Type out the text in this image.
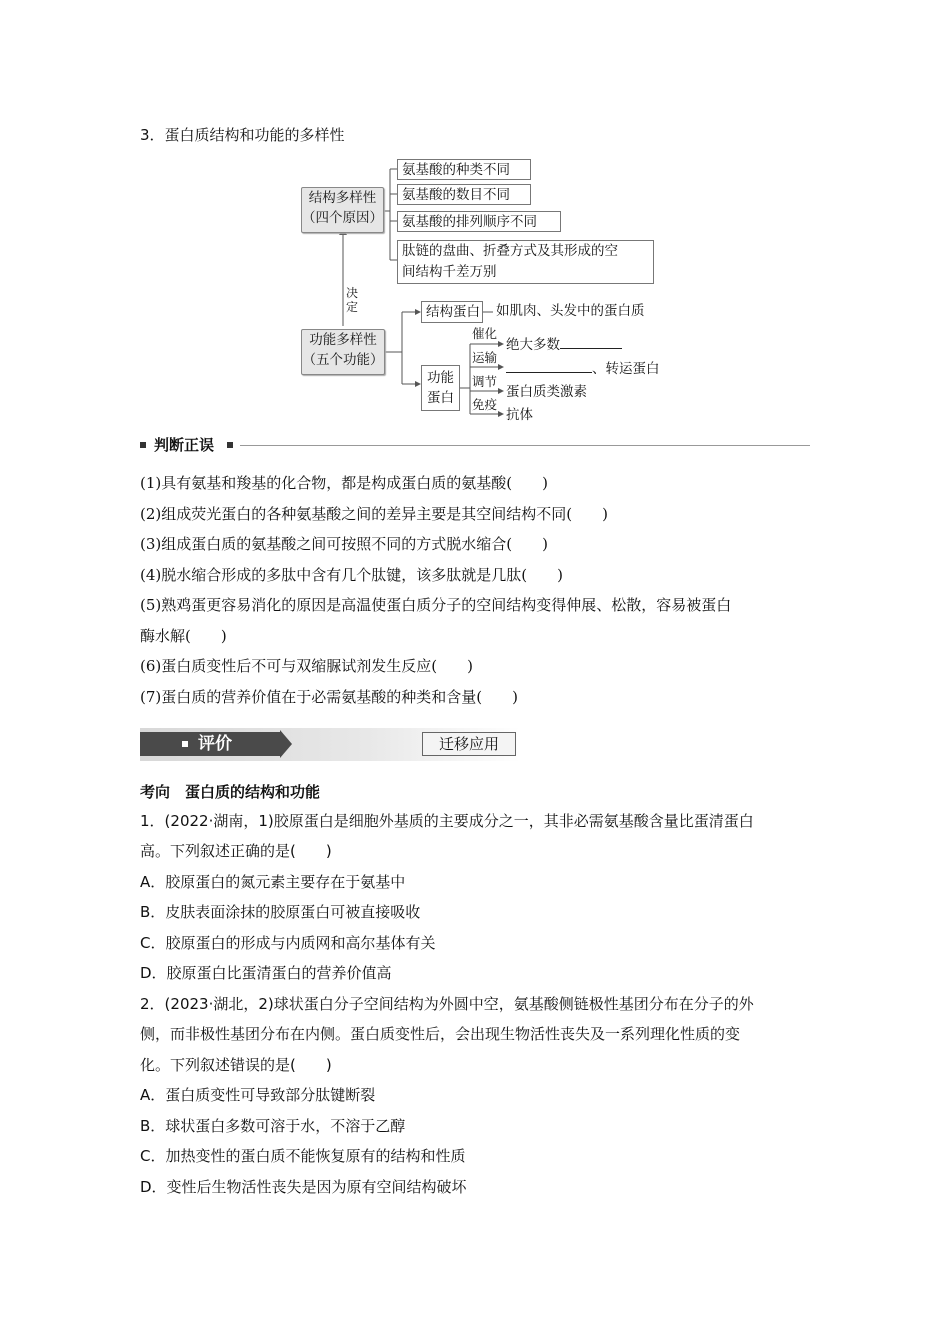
3．蛋白质结构和功能的多样性
结构多样性
（四个原因）
氨基酸的种类不同
氨基酸的数目不同
氨基酸的排列顺序不同
肽链的盘曲、折叠方式及其形成的空
间结构千差万别
决定
功能多样性
（五个功能）
结构蛋白 如肌肉、头发中的蛋白质
功能
蛋白
催化
绝大多数
运输
、转运蛋白
调节
蛋白质类激素
免疫
抗体
判断正误
(1)具有氨基和羧基的化合物，都是构成蛋白质的氨基酸(　　)
(2)组成荧光蛋白的各种氨基酸之间的差异主要是其空间结构不同(　　)
(3)组成蛋白质的氨基酸之间可按照不同的方式脱水缩合(　　)
(4)脱水缩合形成的多肽中含有几个肽键，该多肽就是几肽(　　)
(5)熟鸡蛋更容易消化的原因是高温使蛋白质分子的空间结构变得伸展、松散，容易被蛋白
酶水解(　　)
(6)蛋白质变性后不可与双缩脲试剂发生反应(　　)
(7)蛋白质的营养价值在于必需氨基酸的种类和含量(　　)
评价	迁移应用
考向　蛋白质的结构和功能
1．(2022·湖南，1)胶原蛋白是细胞外基质的主要成分之一，其非必需氨基酸含量比蛋清蛋白
高。下列叙述正确的是(　　)
A．胶原蛋白的氮元素主要存在于氨基中
B．皮肤表面涂抹的胶原蛋白可被直接吸收
C．胶原蛋白的形成与内质网和高尔基体有关
D．胶原蛋白比蛋清蛋白的营养价值高
2．(2023·湖北，2)球状蛋白分子空间结构为外圆中空，氨基酸侧链极性基团分布在分子的外
侧，而非极性基团分布在内侧。蛋白质变性后，会出现生物活性丧失及一系列理化性质的变
化。下列叙述错误的是(　　)
A．蛋白质变性可导致部分肽键断裂
B．球状蛋白多数可溶于水，不溶于乙醇
C．加热变性的蛋白质不能恢复原有的结构和性质
D．变性后生物活性丧失是因为原有空间结构破坏
